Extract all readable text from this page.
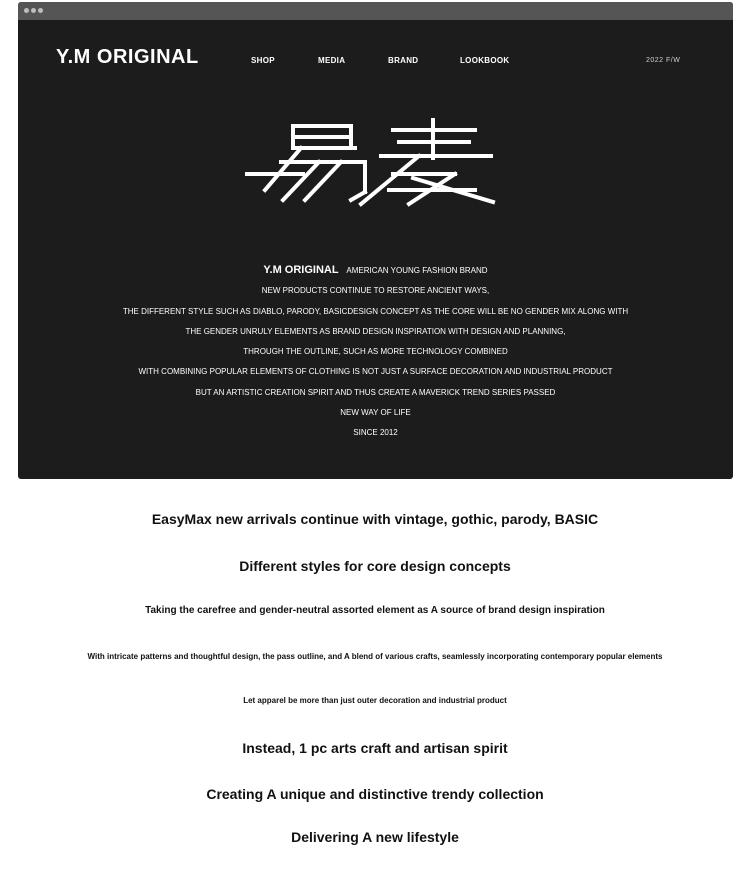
Y.M ORIGINAL	SHOP	MEDIA	BRAND	LOOKBOOK	2022 F/W
Y.M ORIGINAL AMERICAN YOUNG FASHION BRAND
NEW PRODUCTS CONTINUE TO RESTORE ANCIENT WAYS,
THE DIFFERENT STYLE SUCH AS DIABLO, PARODY, BASICDESIGN CONCEPT AS THE CORE WILL BE NO GENDER MIX ALONG WITH
THE GENDER UNRULY ELEMENTS AS BRAND DESIGN INSPIRATION WITH DESIGN AND PLANNING,
THROUGH THE OUTLINE, SUCH AS MORE TECHNOLOGY COMBINED
WITH COMBINING POPULAR ELEMENTS OF CLOTHING IS NOT JUST A SURFACE DECORATION AND INDUSTRIAL PRODUCT
BUT AN ARTISTIC CREATION SPIRIT AND THUS CREATE A MAVERICK TREND SERIES PASSED
NEW WAY OF LIFE
SINCE 2012
EasyMax new arrivals continue with vintage, gothic, parody, BASIC
Different styles for core design concepts
Taking the carefree and gender-neutral assorted element as A source of brand design inspiration
With intricate patterns and thoughtful design, the pass outline, and A blend of various crafts, seamlessly incorporating contemporary popular elements
Let apparel be more than just outer decoration and industrial product
Instead, 1 pc arts craft and artisan spirit
Creating A unique and distinctive trendy collection
Delivering A new lifestyle
